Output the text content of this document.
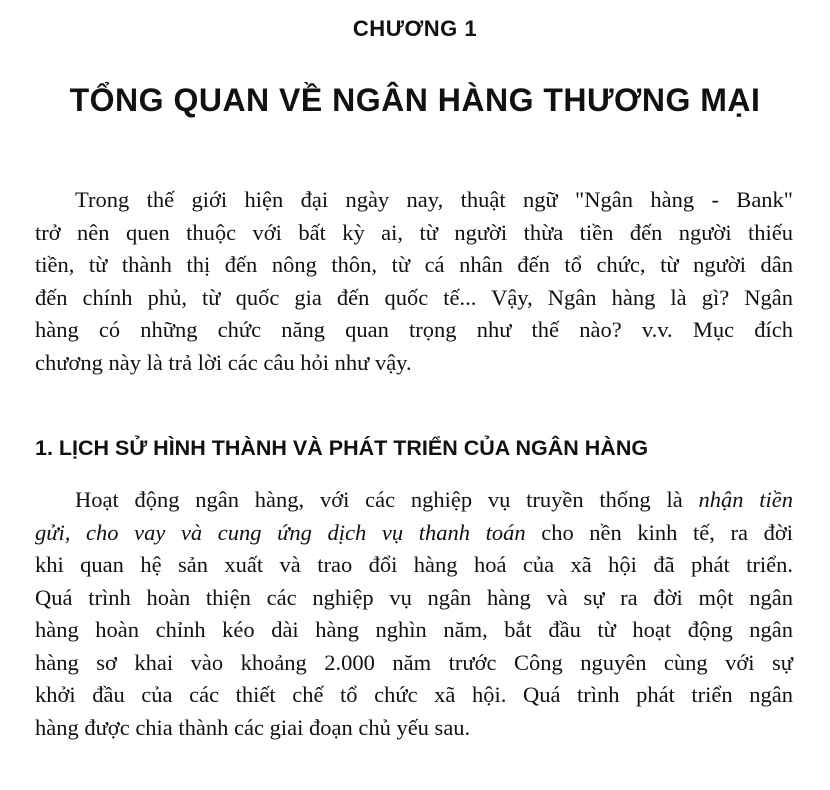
CHƯƠNG 1
TỔNG QUAN VỀ NGÂN HÀNG THƯƠNG MẠI
Trong thế giới hiện đại ngày nay, thuật ngữ "Ngân hàng - Bank"
trở nên quen thuộc với bất kỳ ai, từ người thừa tiền đến người thiếu
tiền, từ thành thị đến nông thôn, từ cá nhân đến tổ chức, từ người dân
đến chính phủ, từ quốc gia đến quốc tế... Vậy, Ngân hàng là gì? Ngân
hàng có những chức năng quan trọng như thế nào? v.v. Mục đích
chương này là trả lời các câu hỏi như vậy.
1. LỊCH SỬ HÌNH THÀNH VÀ PHÁT TRIỂN CỦA NGÂN HÀNG
Hoạt động ngân hàng, với các nghiệp vụ truyền thống là nhận tiền
gửi, cho vay và cung ứng dịch vụ thanh toán cho nền kinh tế, ra đời
khi quan hệ sản xuất và trao đổi hàng hoá của xã hội đã phát triển.
Quá trình hoàn thiện các nghiệp vụ ngân hàng và sự ra đời một ngân
hàng hoàn chỉnh kéo dài hàng nghìn năm, bắt đầu từ hoạt động ngân
hàng sơ khai vào khoảng 2.000 năm trước Công nguyên cùng với sự
khởi đầu của các thiết chế tổ chức xã hội. Quá trình phát triển ngân
hàng được chia thành các giai đoạn chủ yếu sau.
